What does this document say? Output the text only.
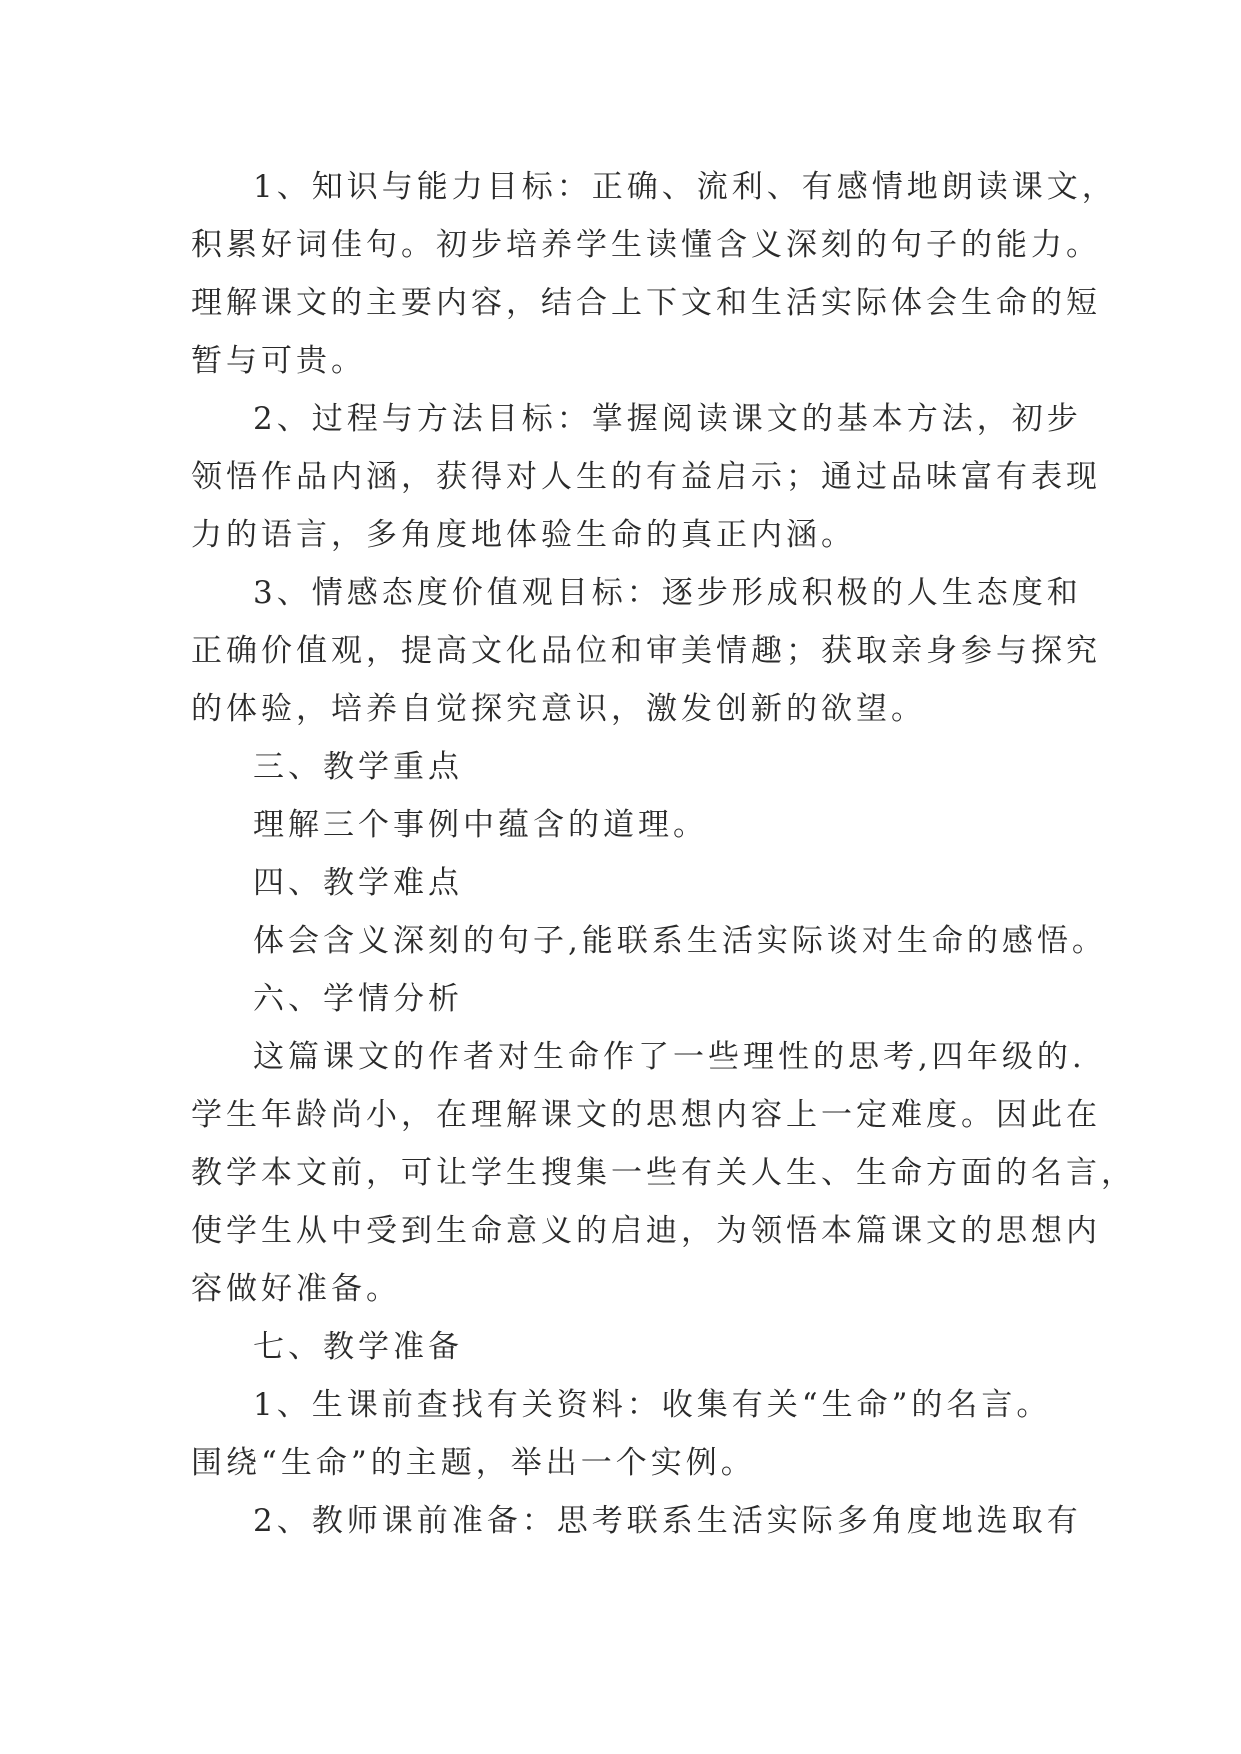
1、知识与能力目标：正确、流利、有感情地朗读课文，
积累好词佳句。初步培养学生读懂含义深刻的句子的能力。
理解课文的主要内容，结合上下文和生活实际体会生命的短
暂与可贵。
2、过程与方法目标：掌握阅读课文的基本方法，初步
领悟作品内涵，获得对人生的有益启示；通过品味富有表现
力的语言，多角度地体验生命的真正内涵。
3、情感态度价值观目标：逐步形成积极的人生态度和
正确价值观，提高文化品位和审美情趣；获取亲身参与探究
的体验，培养自觉探究意识，激发创新的欲望。
三、教学重点
理解三个事例中蕴含的道理。
四、教学难点
体会含义深刻的句子,能联系生活实际谈对生命的感悟。
六、学情分析
这篇课文的作者对生命作了一些理性的思考,四年级的.
学生年龄尚小，在理解课文的思想内容上一定难度。因此在
教学本文前，可让学生搜集一些有关人生、生命方面的名言，
使学生从中受到生命意义的启迪，为领悟本篇课文的思想内
容做好准备。
七、教学准备
1、生课前查找有关资料：收集有关“生命”的名言。
围绕“生命”的主题，举出一个实例。
2、教师课前准备：思考联系生活实际多角度地选取有
